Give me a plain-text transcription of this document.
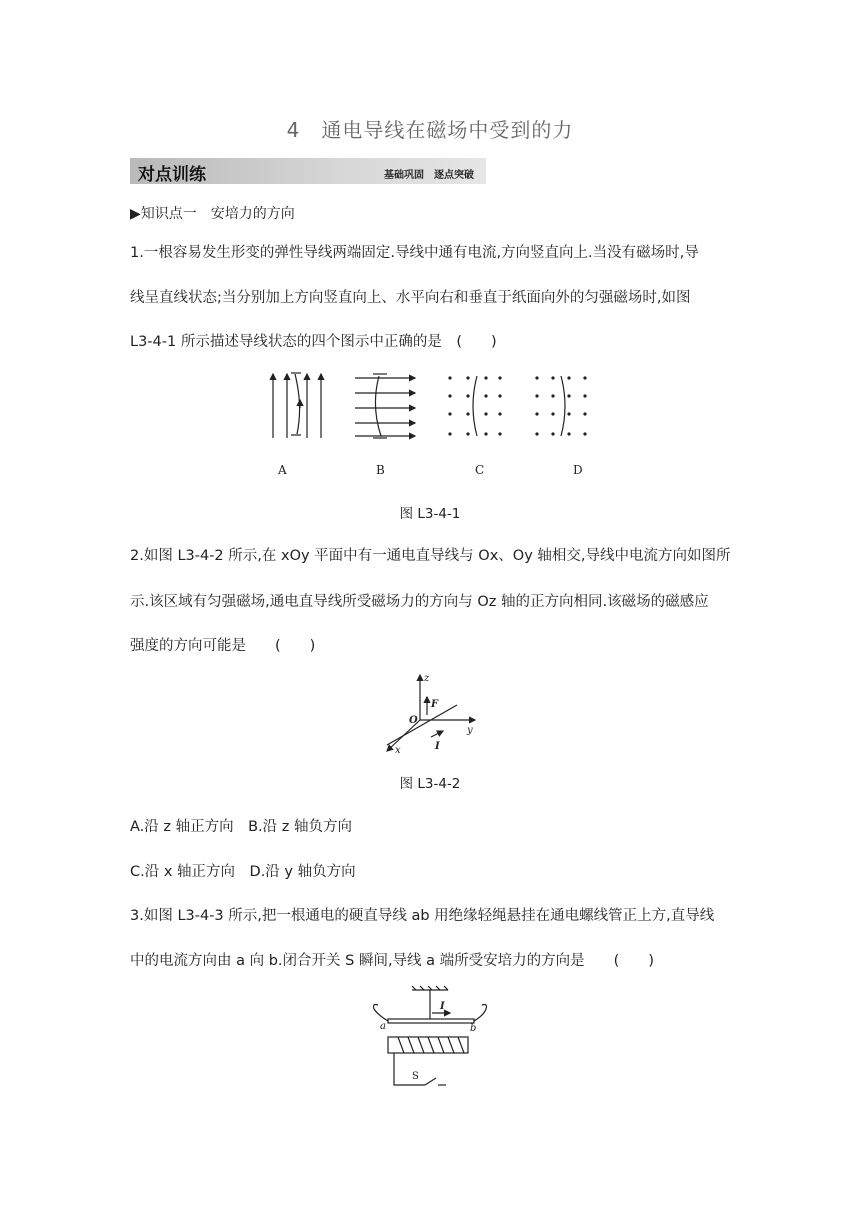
4　通电导线在磁场中受到的力
对点训练	基础巩固　逐点突破
▶知识点一　安培力的方向
1.一根容易发生形变的弹性导线两端固定.导线中通有电流,方向竖直向上.当没有磁场时,导
线呈直线状态;当分别加上方向竖直向上、水平向右和垂直于纸面向外的匀强磁场时,如图
L3-4-1 所示描述导线状态的四个图示中正确的是　(　　)
A	B	C	D
图 L3-4-1
2.如图 L3-4-2 所示,在 xOy 平面中有一通电直导线与 Ox、Oy 轴相交,导线中电流方向如图所
示.该区域有匀强磁场,通电直导线所受磁场力的方向与 Oz 轴的正方向相同.该磁场的磁感应
强度的方向可能是　　(　　)
z
O
F
y
x	I
图 L3-4-2
A.沿 z 轴正方向　B.沿 z 轴负方向
C.沿 x 轴正方向　D.沿 y 轴负方向
3.如图 L3-4-3 所示,把一根通电的硬直导线 ab 用绝缘轻绳悬挂在通电螺线管正上方,直导线
中的电流方向由 a 向 b.闭合开关 S 瞬间,导线 a 端所受安培力的方向是　　(　　)
a	b
I
S
